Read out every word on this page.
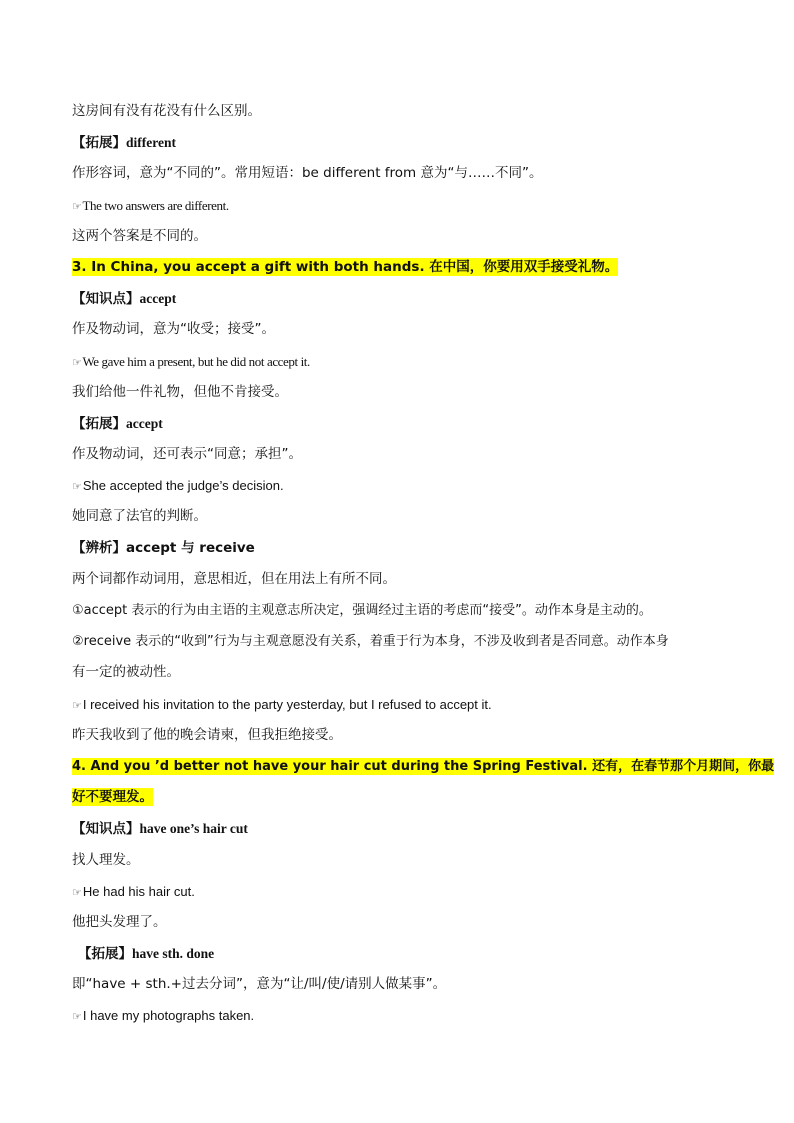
这房间有没有花没有什么区别。
【拓展】different
作形容词，意为“不同的”。常用短语：be different from 意为“与……不同”。
☞The two answers are different.
这两个答案是不同的。
3. In China, you accept a gift with both hands. 在中国，你要用双手接受礼物。
【知识点】accept
作及物动词，意为“收受；接受”。
☞We gave him a present, but he did not accept it.
我们给他一件礼物，但他不肯接受。
【拓展】accept
作及物动词，还可表示“同意；承担”。
☞She accepted the judge’s decision.
她同意了法官的判断。
【辨析】accept 与 receive
两个词都作动词用，意思相近，但在用法上有所不同。
①accept 表示的行为由主语的主观意志所决定，强调经过主语的考虑而“接受”。动作本身是主动的。
②receive 表示的“收到”行为与主观意愿没有关系，着重于行为本身，不涉及收到者是否同意。动作本身
有一定的被动性。
☞I received his invitation to the party yesterday, but I refused to accept it.
昨天我收到了他的晚会请柬，但我拒绝接受。
4. And you ’d better not have your hair cut during the Spring Festival. 还有，在春节那个月期间，你最
好不要理发。
【知识点】have one’s hair cut
找人理发。
☞He had his hair cut.
他把头发理了。
【拓展】have sth. done
即“have + sth.+过去分词”，意为“让/叫/使/请别人做某事”。
☞I have my photographs taken.
